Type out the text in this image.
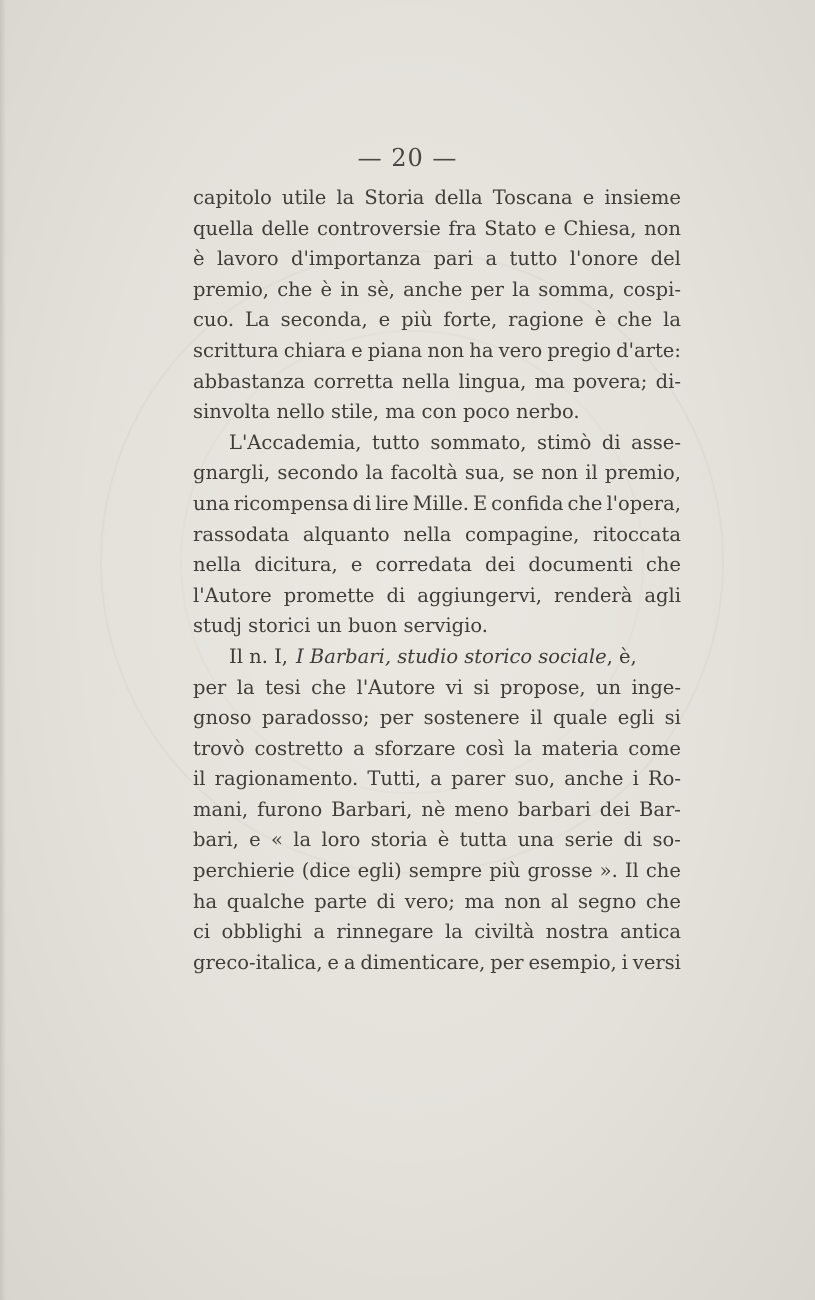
— 20 —
capitolo utile la Storia della Toscana e insieme
quella delle controversie fra Stato e Chiesa, non
è lavoro d'importanza pari a tutto l'onore del
premio, che è in sè, anche per la somma, cospi-
cuo. La seconda, e più forte, ragione è che la
scrittura chiara e piana non ha vero pregio d'arte:
abbastanza corretta nella lingua, ma povera; di-
sinvolta nello stile, ma con poco nerbo.
L'Accademia, tutto sommato, stimò di asse-
gnargli, secondo la facoltà sua, se non il premio,
una ricompensa di lire Mille. E confida che l'opera,
rassodata alquanto nella compagine, ritoccata
nella dicitura, e corredata dei documenti che
l'Autore promette di aggiungervi, renderà agli
studj storici un buon servigio.
Il n. I, I Barbari, studio storico sociale , è,
per la tesi che l'Autore vi si propose, un inge-
gnoso paradosso; per sostenere il quale egli si
trovò costretto a sforzare così la materia come
il ragionamento. Tutti, a parer suo, anche i Ro-
mani, furono Barbari, nè meno barbari dei Bar-
bari, e « la loro storia è tutta una serie di so-
perchierie (dice egli) sempre più grosse ». Il che
ha qualche parte di vero; ma non al segno che
ci obblighi a rinnegare la civiltà nostra antica
greco-italica, e a dimenticare, per esempio, i versi
